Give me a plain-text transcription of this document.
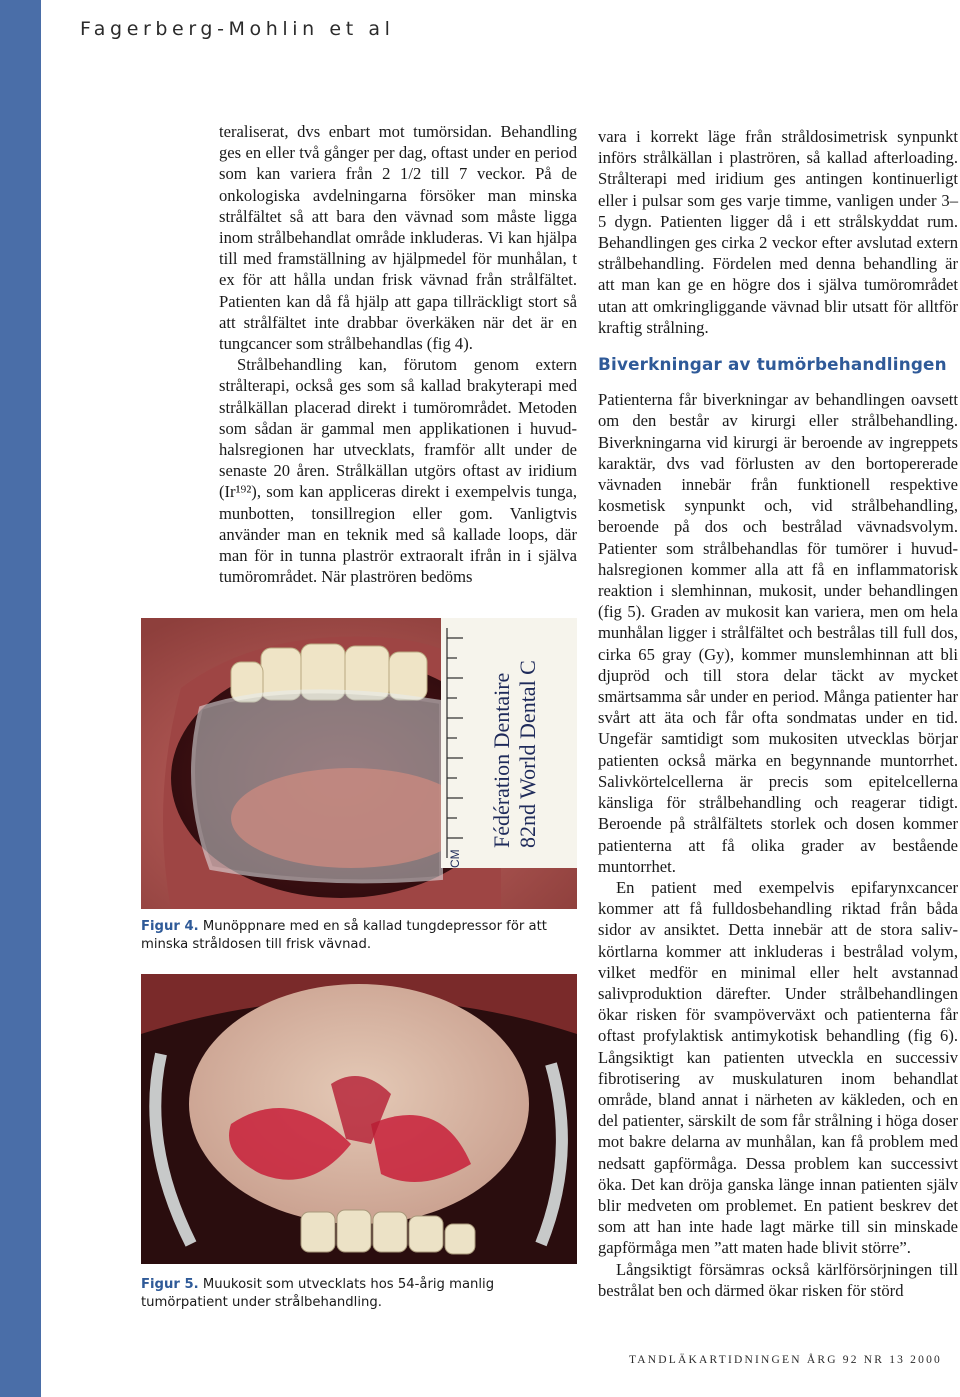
Fagerberg-Mohlin et al

teraliserat, dvs enbart mot tumörsidan. Behandling ges en eller två gånger per dag, oftast under en period som kan variera från 2 1/2 till 7 veckor. På de onkologiska avdelningarna försöker man minska strålfältet så att bara den vävnad som måste ligga inom strålbehandlat område inkluderas. Vi kan hjälpa till med framställning av hjälpmedel för munhålan, t ex för att hålla undan frisk vävnad från strålfältet. Patienten kan då få hjälp att gapa tillräckligt stort så att strålfältet inte drabbar överkäken när det är en tungcancer som strålbehandlas (fig 4).

Strålbehandling kan, förutom genom extern strålterapi, också ges som så kallad brakyterapi med strålkällan placerad direkt i tumörområdet. Metoden som sådan är gammal men applikationen i huvud-halsregionen har utvecklats, framför allt under de senaste 20 åren. Strålkällan utgörs oftast av iridium (Ir¹⁹²), som kan appliceras direkt i exempelvis tunga, munbotten, tonsillregion eller gom. Vanligtvis använder man en teknik med så kallade loops, där man för in tunna plaströr extraoralt ifrån in i själva tumörområdet. När plaströren bedöms

Fédération Dentaire 82nd World Dental C
CM
Figur 4. Munöppnare med en så kallad tungdepressor för att minska stråldosen till frisk vävnad.
Figur 5. Muukosit som utvecklats hos 54-årig manlig tumörpatient under strålbehandling.

vara i korrekt läge från stråldosimetrisk synpunkt införs strålkällan i plaströren, så kallad afterloading. Strålterapi med iridium ges antingen kontinuerligt eller i pulsar som ges varje timme, vanligen under 3–5 dygn. Patienten ligger då i ett strålskyddat rum. Behandlingen ges cirka 2 veckor efter avslutad extern strålbehandling. Fördelen med denna behandling är att man kan ge en högre dos i själva tumörområdet utan att omkringliggande vävnad blir utsatt för alltför kraftig strålning.

Biverkningar av tumörbehandlingen

Patienterna får biverkningar av behandlingen oavsett om den består av kirurgi eller strålbehandling. Biverkningarna vid kirurgi är beroende av ingreppets karaktär, dvs vad förlusten av den bortopererade vävnaden innebär från funktionell respektive kosmetisk synpunkt och, vid strålbehandling, beroende på dos och bestrålad vävnadsvolym. Patienter som strålbehandlas för tumörer i huvud-halsregionen kommer alla att få en inflammatorisk reaktion i slemhinnan, mukosit, under behandlingen (fig 5). Graden av mukosit kan variera, men om hela munhålan ligger i strålfältet och bestrålas till full dos, cirka 65 gray (Gy), kommer munslemhinnan att bli djupröd och till stora delar täckt av mycket smärtsamma sår under en period. Många patienter har svårt att äta och får ofta sondmatas under en tid. Ungefär samtidigt som mukositen utvecklas börjar patienten också märka en begynnande muntorrhet. Salivkörtelcellerna är precis som epitelcellerna känsliga för strålbehandling och reagerar tidigt. Beroende på strålfältets storlek och dosen kommer patienterna att få olika grader av bestående muntorrhet.

En patient med exempelvis epifarynxcancer kommer att få fulldosbehandling riktad från båda sidor av ansiktet. Detta innebär att de stora salivkörtlarna kommer att inkluderas i bestrålad volym, vilket medför en minimal eller helt avstannad salivproduktion därefter. Under strålbehandlingen ökar risken för svampöverväxt och patienterna får oftast profylaktisk antimykotisk behandling (fig 6). Långsiktigt kan patienten utveckla en successiv fibrotisering av muskulaturen inom behandlat område, bland annat i närheten av käkleden, och en del patienter, särskilt de som får strålning i höga doser mot bakre delarna av munhålan, kan få problem med nedsatt gapförmåga. Dessa problem kan successivt öka. Det kan dröja ganska länge innan patienten själv blir medveten om problemet. En patient beskrev det som att han inte hade lagt märke till sin minskade gapförmåga men ”att maten hade blivit större”.

Långsiktigt försämras också kärlförsörjningen till bestrålat ben och därmed ökar risken för störd

TANDLÄKARTIDNINGEN ÅRG 92 NR 13 2000
